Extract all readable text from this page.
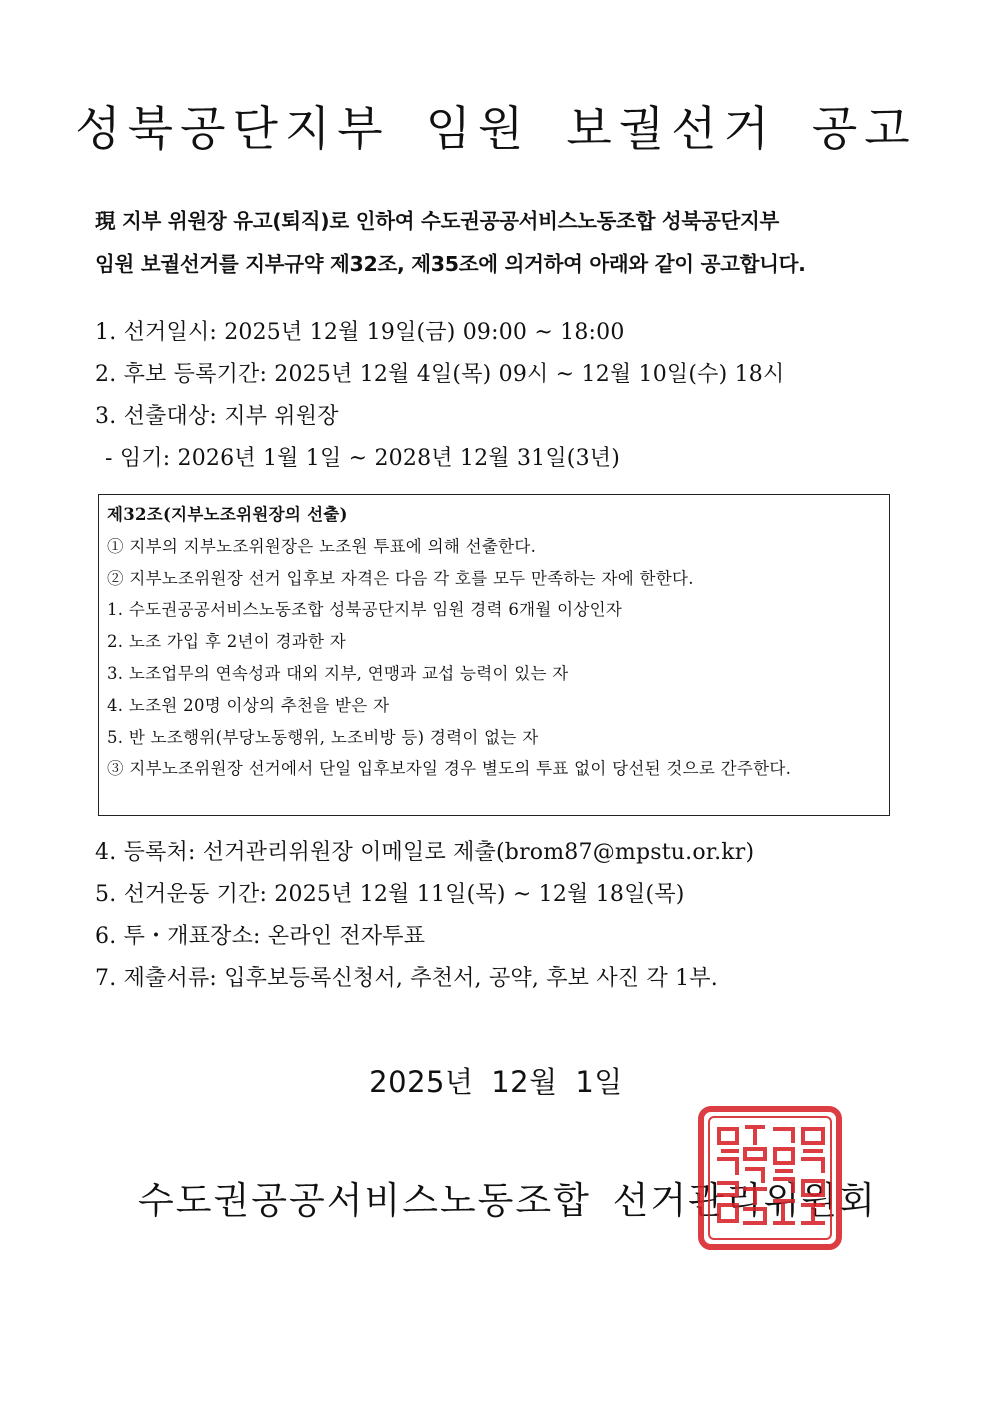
성북공단지부 임원 보궐선거 공고
現 지부 위원장 유고(퇴직)로 인하여 수도권공공서비스노동조합 성북공단지부
임원 보궐선거를 지부규약 제32조, 제35조에 의거하여 아래와 같이 공고합니다.
1. 선거일시: 2025년 12월 19일(금) 09:00 ~ 18:00
2. 후보 등록기간: 2025년 12월 4일(목) 09시 ~ 12월 10일(수) 18시
3. 선출대상: 지부 위원장
- 임기: 2026년 1월 1일 ~ 2028년 12월 31일(3년)
제32조(지부노조위원장의 선출)
① 지부의 지부노조위원장은 노조원 투표에 의해 선출한다.
② 지부노조위원장 선거 입후보 자격은 다음 각 호를 모두 만족하는 자에 한한다.
1. 수도권공공서비스노동조합 성북공단지부 임원 경력 6개월 이상인자
2. 노조 가입 후 2년이 경과한 자
3. 노조업무의 연속성과 대외 지부, 연맹과 교섭 능력이 있는 자
4. 노조원 20명 이상의 추천을 받은 자
5. 반 노조행위(부당노동행위, 노조비방 등) 경력이 없는 자
③ 지부노조위원장 선거에서 단일 입후보자일 경우 별도의 투표 없이 당선된 것으로 간주한다.
4. 등록처: 선거관리위원장 이메일로 제출(brom87@mpstu.or.kr)
5. 선거운동 기간: 2025년 12월 11일(목) ~ 12월 18일(목)
6. 투・개표장소: 온라인 전자투표
7. 제출서류: 입후보등록신청서, 추천서, 공약, 후보 사진 각 1부.
2025년 12월 1일
수도권공공서비스노동조합 선거관리위원회
